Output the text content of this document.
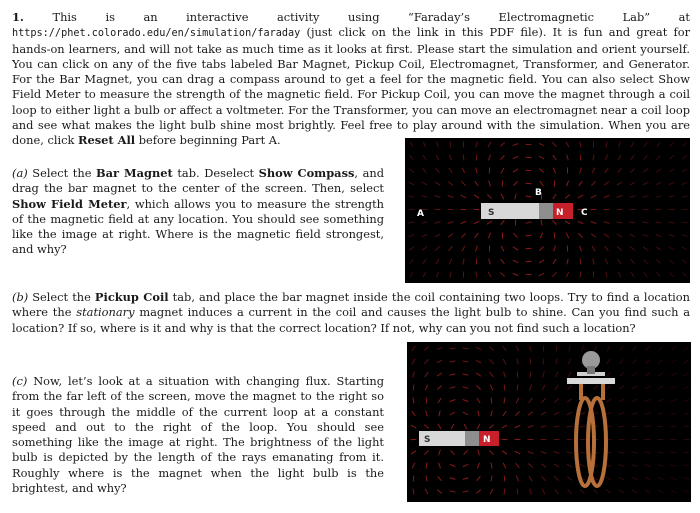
1.	This is an interactive activity using “Faraday’s Electromagnetic Lab” at https://phet.colorado.edu/en/simulation/faraday (just click on the link in this PDF file). It is fun and great for hands-on learners, and will not take as much time as it looks at first. Please start the simulation and orient yourself. You can click on any of the five tabs labeled Bar Magnet, Pickup Coil, Electromagnet, Transformer, and Generator. For the Bar Magnet, you can drag a compass around to get a feel for the magnetic field. You can also select Show Field Meter to measure the strength of the magnetic field. For Pickup Coil, you can move the magnet through a coil loop to either light a bulb or affect a voltmeter. For the Transformer, you can move an electromagnet near a coil loop and see what makes the light bulb shine most brightly. Feel free to play around with the simulation. When you are done, click Reset All before beginning Part A.
(a) Select the Bar Magnet tab. Deselect Show Compass, and drag the bar magnet to the center of the screen. Then, select Show Field Meter, which allows you to measure the strength of the magnetic field at any location. You should see something like the image at right. Where is the magnetic field strongest, and why?
S	N
A
B
C
(b) Select the Pickup Coil tab, and place the bar magnet inside the coil containing two loops. Try to find a location where the stationary magnet induces a current in the coil and causes the light bulb to shine. Can you find such a location? If so, where is it and why is that the correct location? If not, why can you not find such a location?
(c) Now, let’s look at a situation with changing flux. Starting from the far left of the screen, move the magnet to the right so it goes through the middle of the current loop at a constant speed and out to the right of the loop. You should see something like the image at right. The brightness of the light bulb is depicted by the length of the rays emanating from it. Roughly where is the magnet when the light bulb is the brightest, and why?
S	N
